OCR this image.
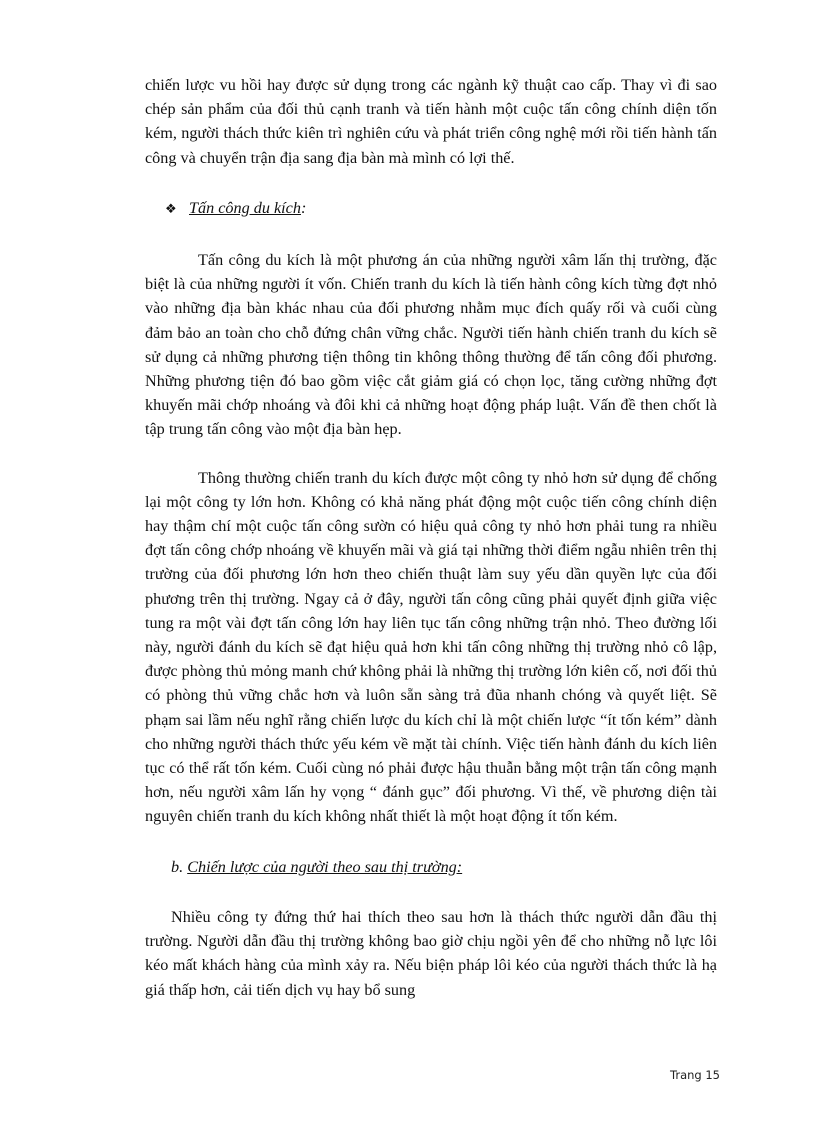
chiến lược vu hồi hay được sử dụng trong các ngành kỹ thuật cao cấp. Thay vì đi sao chép sản phẩm của đối thủ cạnh tranh và tiến hành một cuộc tấn công chính diện tốn kém, người thách thức kiên trì nghiên cứu và phát triển công nghệ mới rồi tiến hành tấn công và chuyển trận địa sang địa bàn mà mình có lợi thế.

❖ Tấn công du kích:

Tấn công du kích là một phương án của những người xâm lấn thị trường, đặc biệt là của những người ít vốn. Chiến tranh du kích là tiến hành công kích từng đợt nhỏ vào những địa bàn khác nhau của đối phương nhằm mục đích quấy rối và cuối cùng đảm bảo an toàn cho chỗ đứng chân vững chắc. Người tiến hành chiến tranh du kích sẽ sử dụng cả những phương tiện thông tin không thông thường để tấn công đối phương. Những phương tiện đó bao gồm việc cắt giảm giá có chọn lọc, tăng cường những đợt khuyến mãi chớp nhoáng và đôi khi cả những hoạt động pháp luật. Vấn đề then chốt là tập trung tấn công vào một địa bàn hẹp.

Thông thường chiến tranh du kích được một công ty nhỏ hơn sử dụng để chống lại một công ty lớn hơn. Không có khả năng phát động một cuộc tiến công chính diện hay thậm chí một cuộc tấn công sườn có hiệu quả công ty nhỏ hơn phải tung ra nhiều đợt tấn công chớp nhoáng về khuyến mãi và giá tại những thời điểm ngẫu nhiên trên thị trường của đối phương lớn hơn theo chiến thuật làm suy yếu dần quyền lực của đối phương trên thị trường. Ngay cả ở đây, người tấn công cũng phải quyết định giữa việc tung ra một vài đợt tấn công lớn hay liên tục tấn công những trận nhỏ. Theo đường lối này, người đánh du kích sẽ đạt hiệu quả hơn khi tấn công những thị trường nhỏ cô lập, được phòng thủ mỏng manh chứ không phải là những thị trường lớn kiên cố, nơi đối thủ có phòng thủ vững chắc hơn và luôn sẵn sàng trả đũa nhanh chóng và quyết liệt. Sẽ phạm sai lầm nếu nghĩ rằng chiến lược du kích chỉ là một chiến lược “ít tốn kém” dành cho những người thách thức yếu kém về mặt tài chính. Việc tiến hành đánh du kích liên tục có thể rất tốn kém. Cuối cùng nó phải được hậu thuẫn bằng một trận tấn công mạnh hơn, nếu người xâm lấn hy vọng “ đánh gục” đối phương. Vì thế, về phương diện tài nguyên chiến tranh du kích không nhất thiết là một hoạt động ít tốn kém.

b. Chiến lược của người theo sau thị trường:

Nhiều công ty đứng thứ hai thích theo sau hơn là thách thức người dẫn đầu thị trường. Người dẫn đầu thị trường không bao giờ chịu ngồi yên để cho những nỗ lực lôi kéo mất khách hàng của mình xảy ra. Nếu biện pháp lôi kéo của người thách thức là hạ giá thấp hơn, cải tiến dịch vụ hay bổ sung

Trang 15
